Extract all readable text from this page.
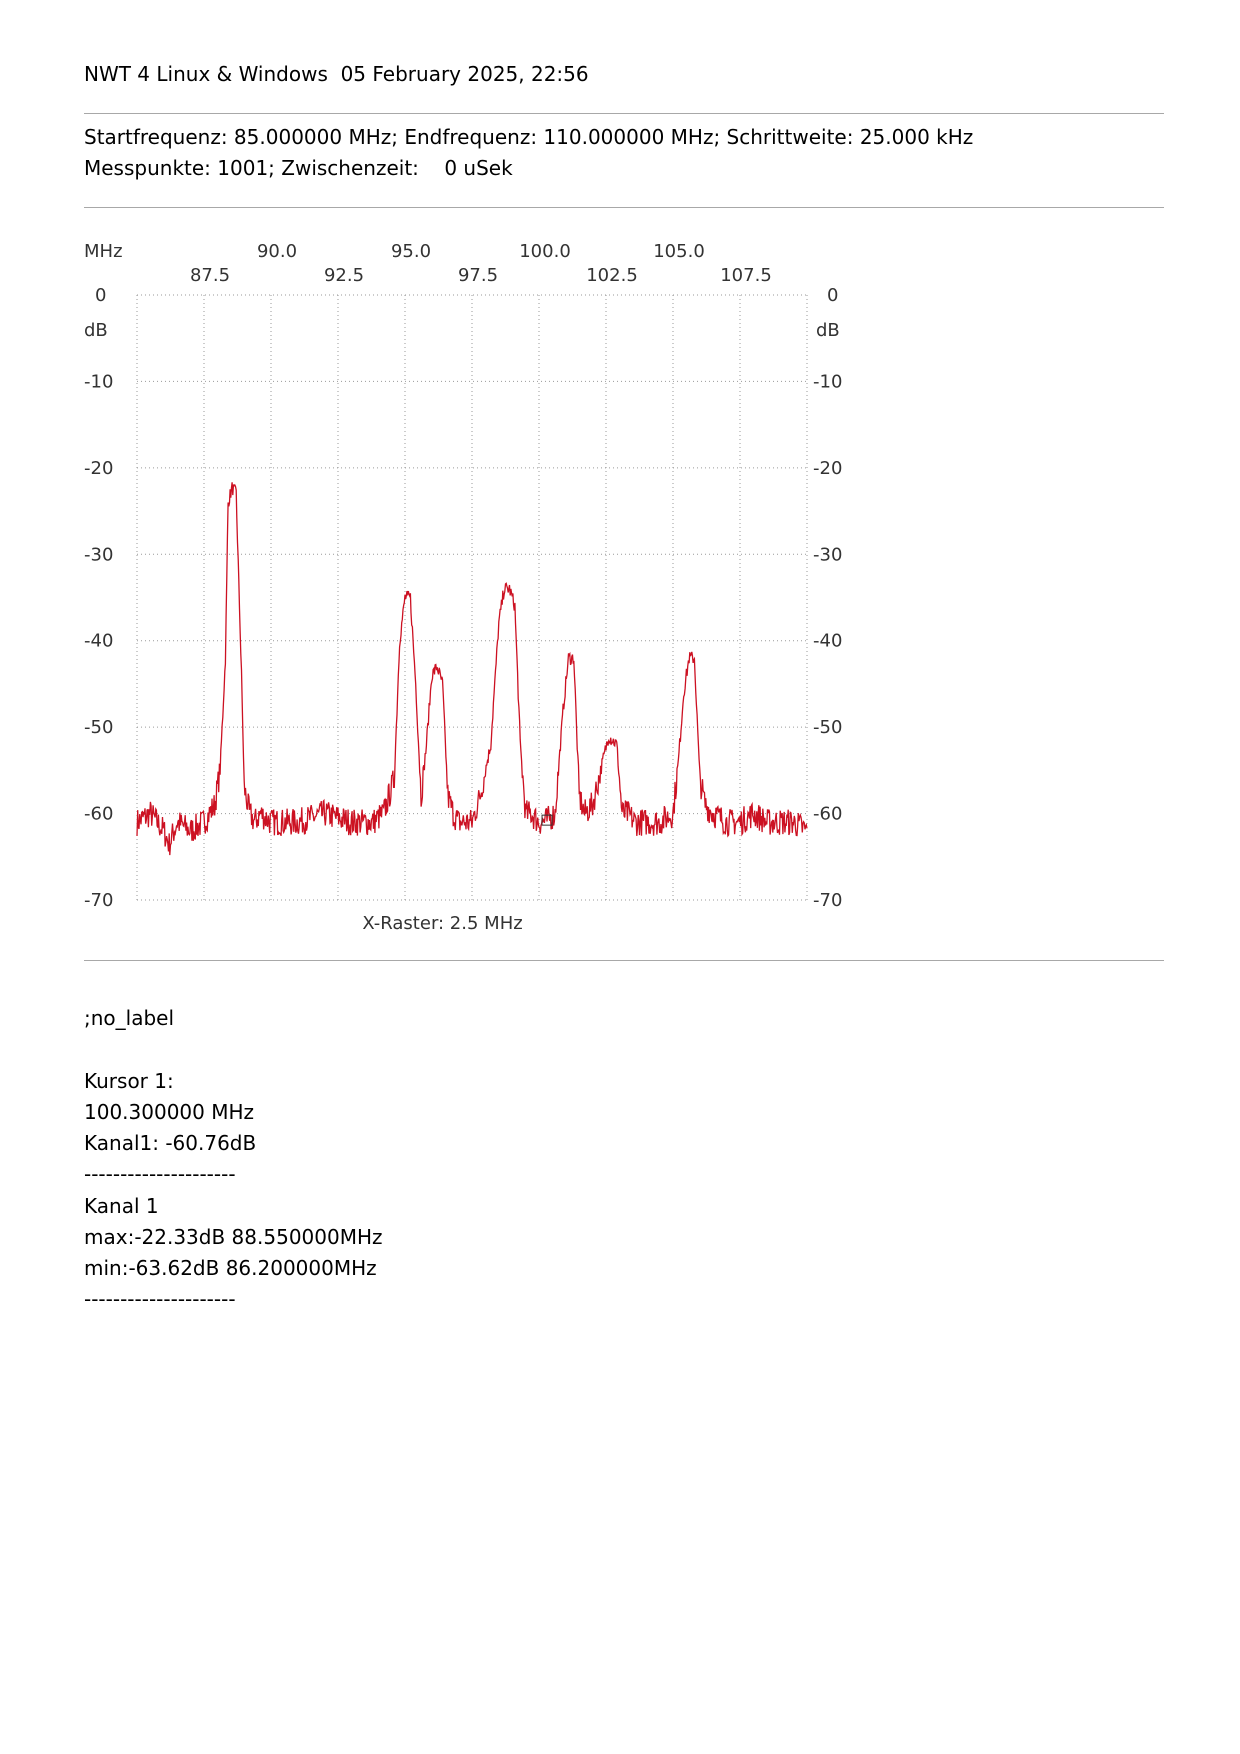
NWT 4 Linux & Windows  05 February 2025, 22:56
Startfrequenz: 85.000000 MHz; Endfrequenz: 110.000000 MHz; Schrittweite: 25.000 kHz
Messpunkte: 1001; Zwischenzeit:    0 uSek
MHz
dB	dB
90.0	95.0	100.0	105.0
87.5	92.5	97.5	102.5	107.5
0	0
-10	-10
-20	-20
-30	-30
-40	-40
-50	-50
-60	-60
-70	-70
X-Raster: 2.5 MHz
;no_label
Kursor 1:
100.300000 MHz
Kanal1: -60.76dB
---------------------
Kanal 1
max:-22.33dB 88.550000MHz
min:-63.62dB 86.200000MHz
---------------------
